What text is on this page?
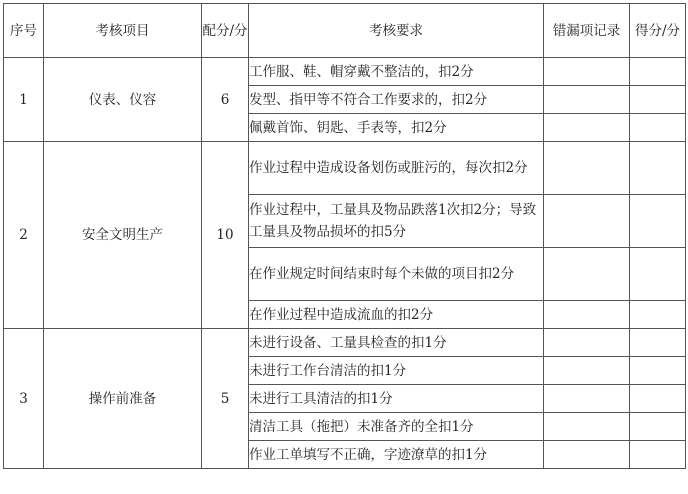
序号	考核项目	配分/分	考核要求	错漏项记录	得分/分
1	仪表、仪容	6	工作服、鞋、帽穿戴不整洁的，扣2分		
			发型、指甲等不符合工作要求的，扣2分		
			佩戴首饰、钥匙、手表等，扣2分		
2	安全文明生产	10	作业过程中造成设备划伤或脏污的，每次扣2分		
			作业过程中，工量具及物品跌落1次扣2分；导致工量具及物品损坏的扣5分		
			在作业规定时间结束时每个未做的项目扣2分		
			在作业过程中造成流血的扣2分		
3	操作前准备	5	未进行设备、工量具检查的扣1分		
			未进行工作台清洁的扣1分		
			未进行工具清洁的扣1分		
			清洁工具（拖把）未准备齐的全扣1分		
			作业工单填写不正确，字迹潦草的扣1分		
